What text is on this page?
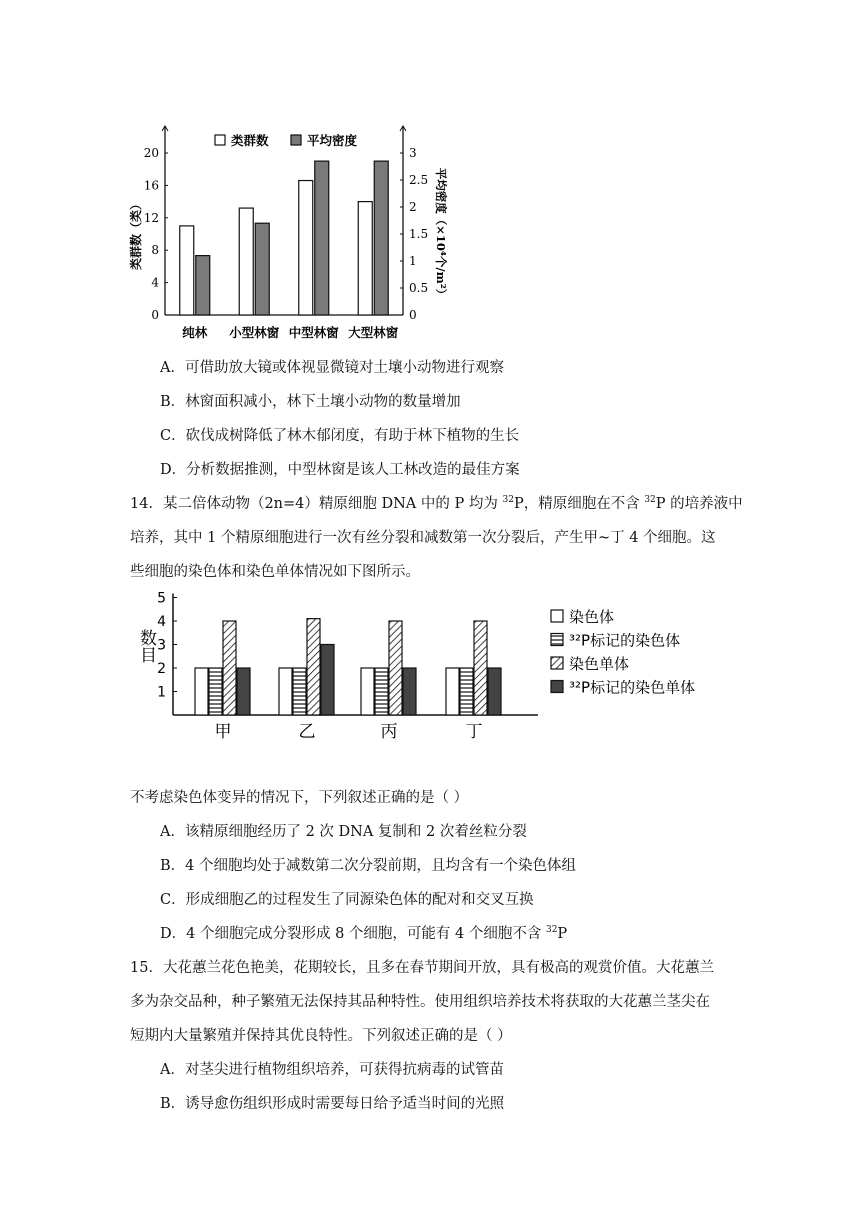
0
4
8
12
16
20
0
0.5
1
1.5
2
2.5
3
类群数（类）	平均密度（×10⁴个/m²）
纯林 小型林窗 中型林窗 大型林窗
类群数	平均密度
A．可借助放大镜或体视显微镜对土壤小动物进行观察
B．林窗面积减小，林下土壤小动物的数量增加
C．砍伐成树降低了林木郁闭度，有助于林下植物的生长
D．分析数据推测，中型林窗是该人工林改造的最佳方案
14．某二倍体动物（2n=4）精原细胞 DNA 中的 P 均为 $^{32}$P，精原细胞在不含 $^{32}$P 的培养液中
培养，其中 1 个精原细胞进行一次有丝分裂和减数第一次分裂后，产生甲~丁 4 个细胞。这
些细胞的染色体和染色单体情况如下图所示。
1
2
3
4
5
数目
甲	乙	丙	丁
染色体
³²P标记的染色体
染色单体
³²P标记的染色单体
不考虑染色体变异的情况下，下列叙述正确的是（ ）
A．该精原细胞经历了 2 次 DNA 复制和 2 次着丝粒分裂
B．4 个细胞均处于减数第二次分裂前期，且均含有一个染色体组
C．形成细胞乙的过程发生了同源染色体的配对和交叉互换
D．4 个细胞完成分裂形成 8 个细胞，可能有 4 个细胞不含 $^{32}$P
15．大花蕙兰花色艳美，花期较长，且多在春节期间开放，具有极高的观赏价值。大花蕙兰
多为杂交品种，种子繁殖无法保持其品种特性。使用组织培养技术将获取的大花蕙兰茎尖在
短期内大量繁殖并保持其优良特性。下列叙述正确的是（ ）
A．对茎尖进行植物组织培养，可获得抗病毒的试管苗
B．诱导愈伤组织形成时需要每日给予适当时间的光照
